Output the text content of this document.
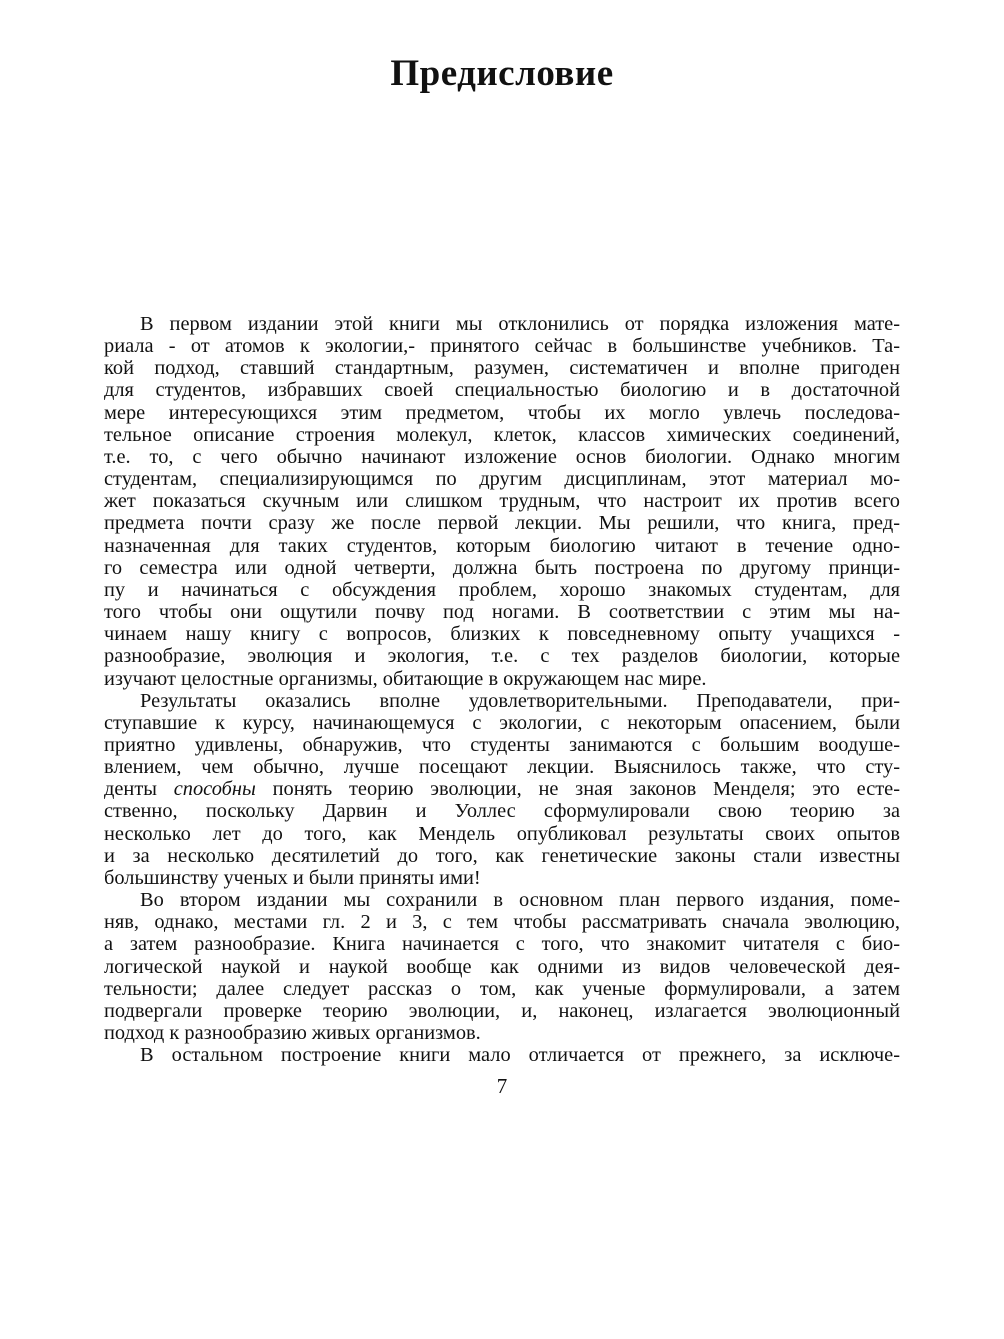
Предисловие

В первом издании этой книги мы отклонились от порядка изложения мате-
риала - от атомов к экологии,- принятого сейчас в большинстве учебников. Та-
кой подход, ставший стандартным, разумен, систематичен и вполне пригоден
для студентов, избравших своей специальностью биологию и в достаточной
мере интересующихся этим предметом, чтобы их могло увлечь последова-
тельное описание строения молекул, клеток, классов химических соединений,
т.е. то, с чего обычно начинают изложение основ биологии. Однако многим
студентам, специализирующимся по другим дисциплинам, этот материал мо-
жет показаться скучным или слишком трудным, что настроит их против всего
предмета почти сразу же после первой лекции. Мы решили, что книга, пред-
назначенная для таких студентов, которым биологию читают в течение одно-
го семестра или одной четверти, должна быть построена по другому принци-
пу и начинаться с обсуждения проблем, хорошо знакомых студентам, для
того чтобы они ощутили почву под ногами. В соответствии с этим мы на-
чинаем нашу книгу с вопросов, близких к повседневному опыту учащихся -
разнообразие, эволюция и экология, т.е. с тех разделов биологии, которые
изучают целостные организмы, обитающие в окружающем нас мире.

Результаты оказались вполне удовлетворительными. Преподаватели, при-
ступавшие к курсу, начинающемуся с экологии, с некоторым опасением, были
приятно удивлены, обнаружив, что студенты занимаются с большим воодуше-
влением, чем обычно, лучше посещают лекции. Выяснилось также, что сту-
денты способны понять теорию эволюции, не зная законов Менделя; это есте-
ственно, поскольку Дарвин и Уоллес сформулировали свою теорию за
несколько лет до того, как Мендель опубликовал результаты своих опытов
и за несколько десятилетий до того, как генетические законы стали известны
большинству ученых и были приняты ими!

Во втором издании мы сохранили в основном план первого издания, поме-
няв, однако, местами гл. 2 и 3, с тем чтобы рассматривать сначала эволюцию,
а затем разнообразие. Книга начинается с того, что знакомит читателя с био-
логической наукой и наукой вообще как одними из видов человеческой дея-
тельности; далее следует рассказ о том, как ученые формулировали, а затем
подвергали проверке теорию эволюции, и, наконец, излагается эволюционный
подход к разнообразию живых организмов.

В остальном построение книги мало отличается от прежнего, за исключе-

7
